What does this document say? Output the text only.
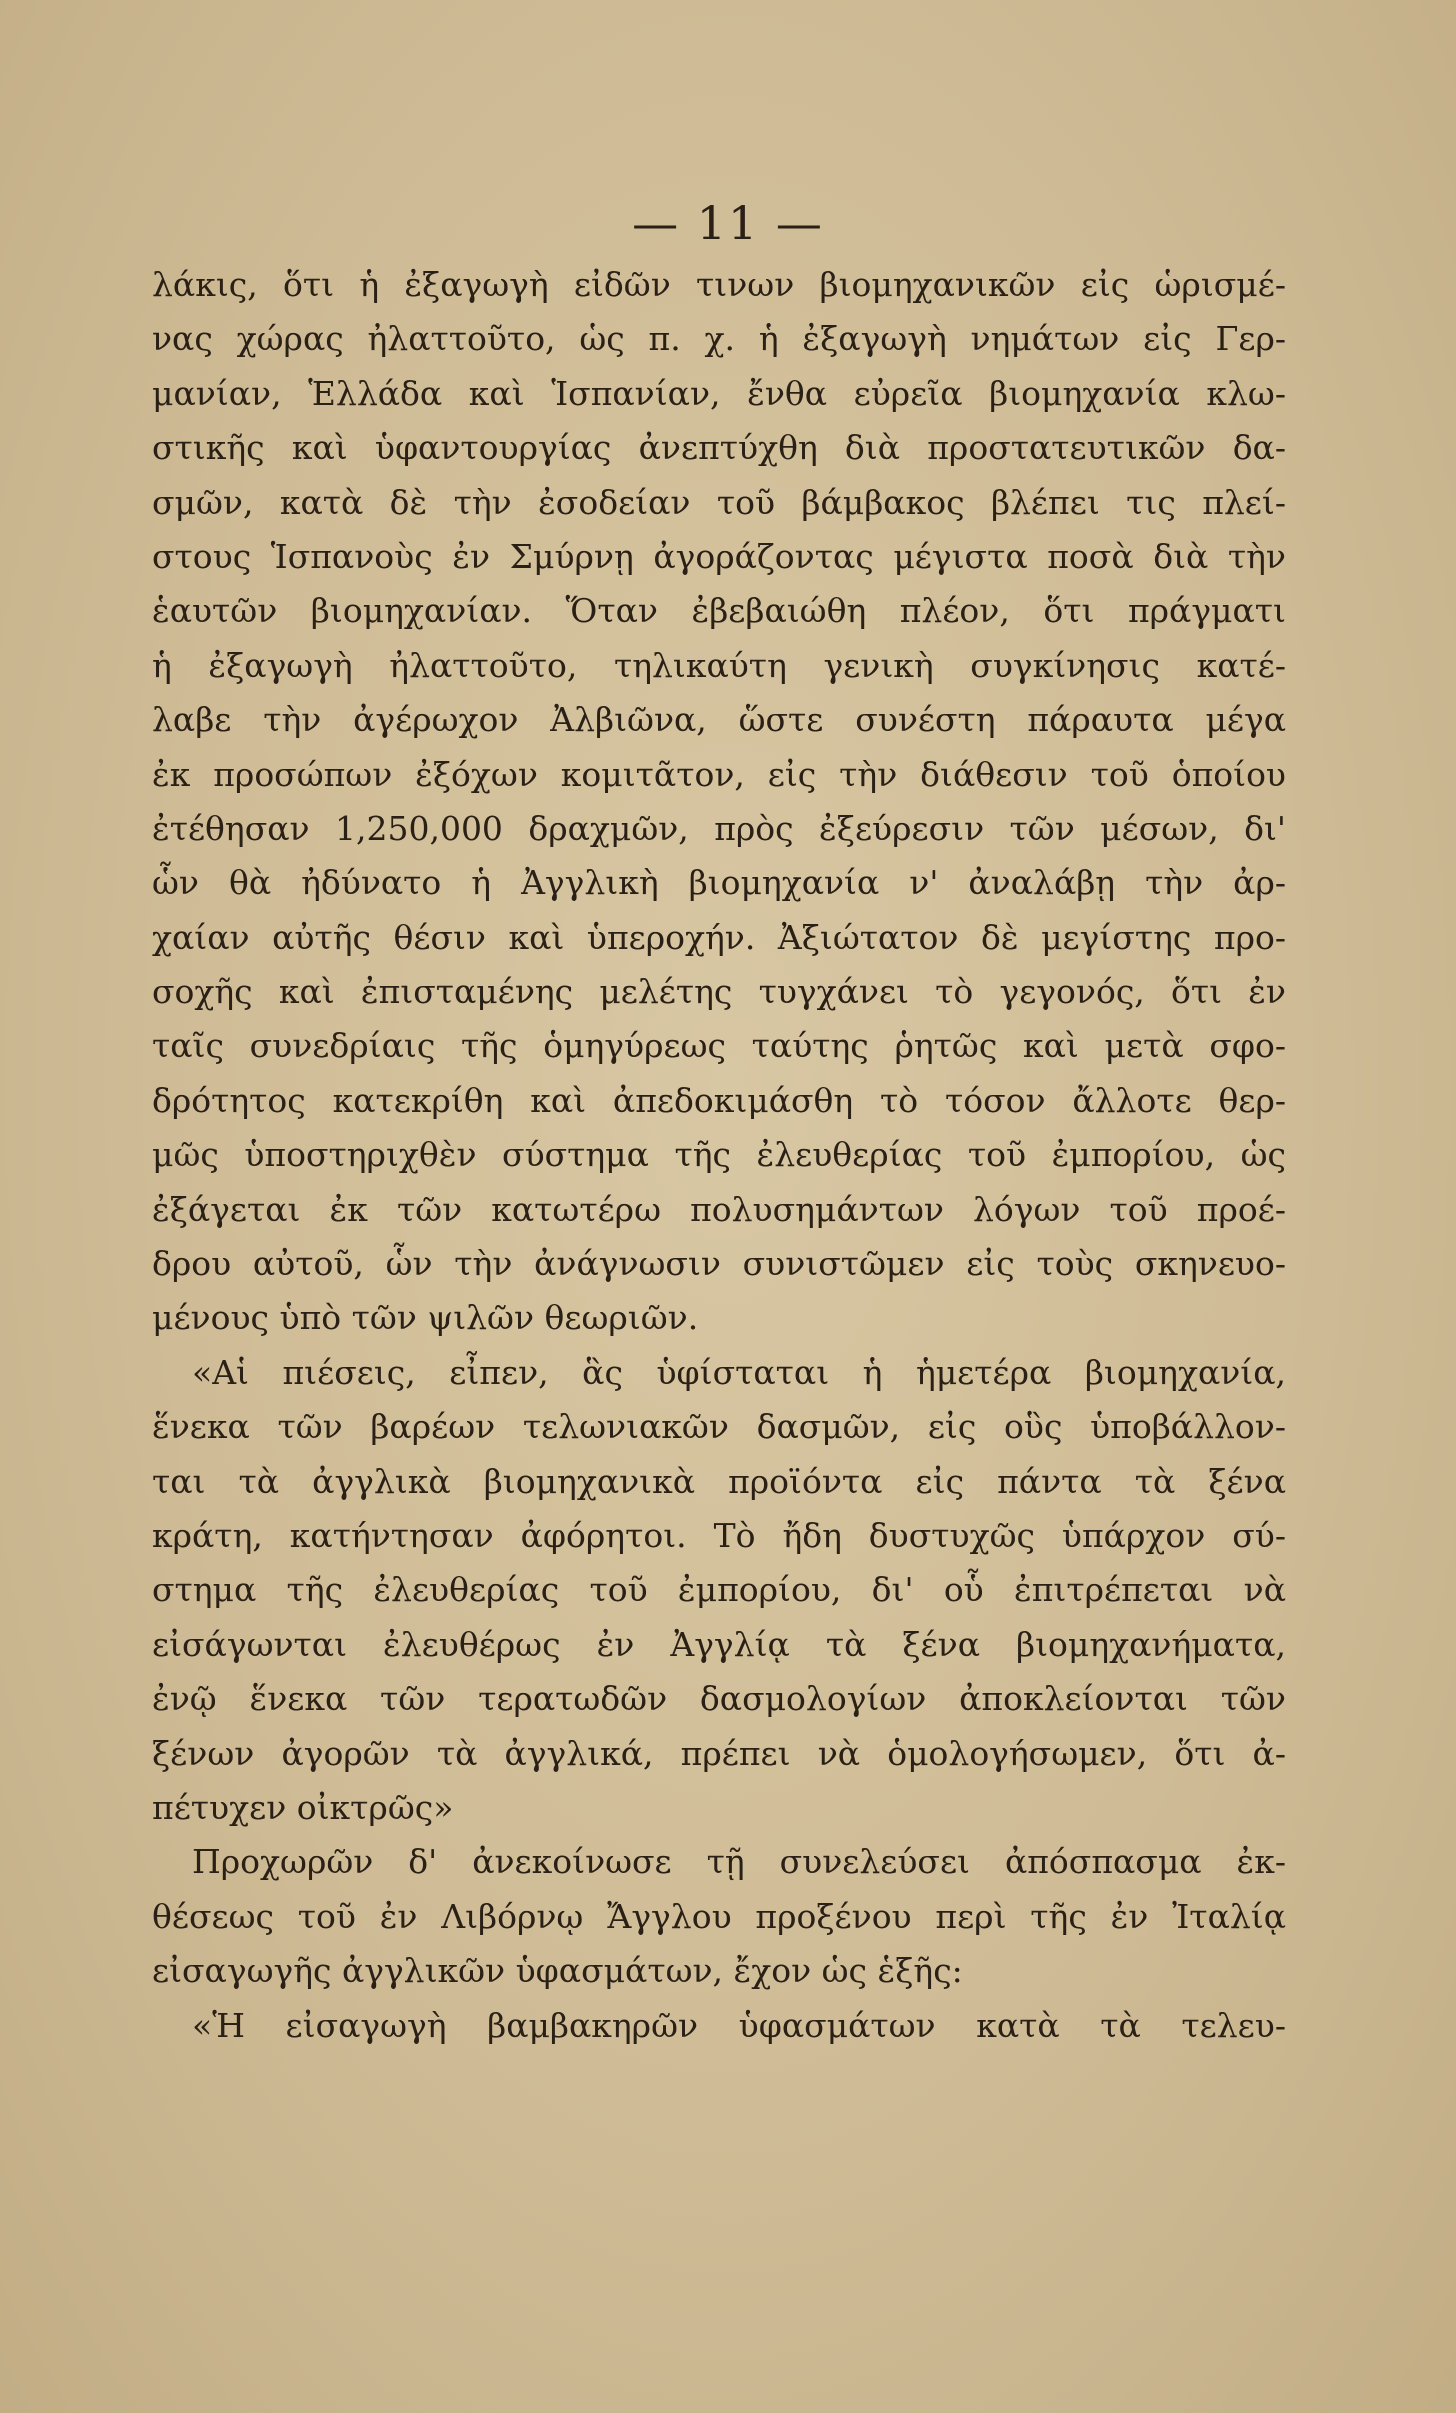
— 11 —
λάκις, ὅτι ἡ ἐξαγωγὴ εἰδῶν τινων βιομηχανικῶν εἰς ὡρισμέ-
νας χώρας ἠλαττοῦτο, ὡς π. χ. ἡ ἐξαγωγὴ νημάτων εἰς Γερ-
μανίαν, Ἑλλάδα καὶ Ἱσπανίαν, ἔνθα εὐρεῖα βιομηχανία κλω-
στικῆς καὶ ὑφαντουργίας ἀνεπτύχθη διὰ προστατευτικῶν δα-
σμῶν, κατὰ δὲ τὴν ἐσοδείαν τοῦ βάμβακος βλέπει τις πλεί-
στους Ἱσπανοὺς ἐν Σμύρνῃ ἀγοράζοντας μέγιστα ποσὰ διὰ τὴν
ἑαυτῶν βιομηχανίαν. Ὅταν ἐβεβαιώθη πλέον, ὅτι πράγματι
ἡ ἐξαγωγὴ ἠλαττοῦτο, τηλικαύτη γενικὴ συγκίνησις κατέ-
λαβε τὴν ἀγέρωχον Ἀλβιῶνα, ὥστε συνέστη πάραυτα μέγα
ἐκ προσώπων ἐξόχων κομιτᾶτον, εἰς τὴν διάθεσιν τοῦ ὁποίου
ἐτέθησαν 1,250,000 δραχμῶν, πρὸς ἐξεύρεσιν τῶν μέσων, δι'
ὧν θὰ ἠδύνατο ἡ Ἀγγλικὴ βιομηχανία ν' ἀναλάβῃ τὴν ἀρ-
χαίαν αὐτῆς θέσιν καὶ ὑπεροχήν. Ἀξιώτατον δὲ μεγίστης προ-
σοχῆς καὶ ἐπισταμένης μελέτης τυγχάνει τὸ γεγονός, ὅτι ἐν
ταῖς συνεδρίαις τῆς ὁμηγύρεως ταύτης ῥητῶς καὶ μετὰ σφο-
δρότητος κατεκρίθη καὶ ἀπεδοκιμάσθη τὸ τόσον ἄλλοτε θερ-
μῶς ὑποστηριχθὲν σύστημα τῆς ἐλευθερίας τοῦ ἐμπορίου, ὡς
ἐξάγεται ἐκ τῶν κατωτέρω πολυσημάντων λόγων τοῦ προέ-
δρου αὐτοῦ, ὧν τὴν ἀνάγνωσιν συνιστῶμεν εἰς τοὺς σκηνευο-
μένους ὑπὸ τῶν ψιλῶν θεωριῶν.
«Αἱ πιέσεις, εἶπεν, ἃς ὑφίσταται ἡ ἡμετέρα βιομηχανία,
ἕνεκα τῶν βαρέων τελωνιακῶν δασμῶν, εἰς οὓς ὑποβάλλον-
ται τὰ ἀγγλικὰ βιομηχανικὰ προϊόντα εἰς πάντα τὰ ξένα
κράτη, κατήντησαν ἀφόρητοι. Τὸ ἤδη δυστυχῶς ὑπάρχον σύ-
στημα τῆς ἐλευθερίας τοῦ ἐμπορίου, δι' οὗ ἐπιτρέπεται νὰ
εἰσάγωνται ἐλευθέρως ἐν Ἀγγλίᾳ τὰ ξένα βιομηχανήματα,
ἐνῷ ἕνεκα τῶν τερατωδῶν δασμολογίων ἀποκλείονται τῶν
ξένων ἀγορῶν τὰ ἀγγλικά, πρέπει νὰ ὁμολογήσωμεν, ὅτι ἀ-
πέτυχεν οἰκτρῶς»
Προχωρῶν δ' ἀνεκοίνωσε τῇ συνελεύσει ἀπόσπασμα ἐκ-
θέσεως τοῦ ἐν Λιβόρνῳ Ἄγγλου προξένου περὶ τῆς ἐν Ἰταλίᾳ
εἰσαγωγῆς ἀγγλικῶν ὑφασμάτων, ἔχον ὡς ἑξῆς:
«Ἡ εἰσαγωγὴ βαμβακηρῶν ὑφασμάτων κατὰ τὰ τελευ-
